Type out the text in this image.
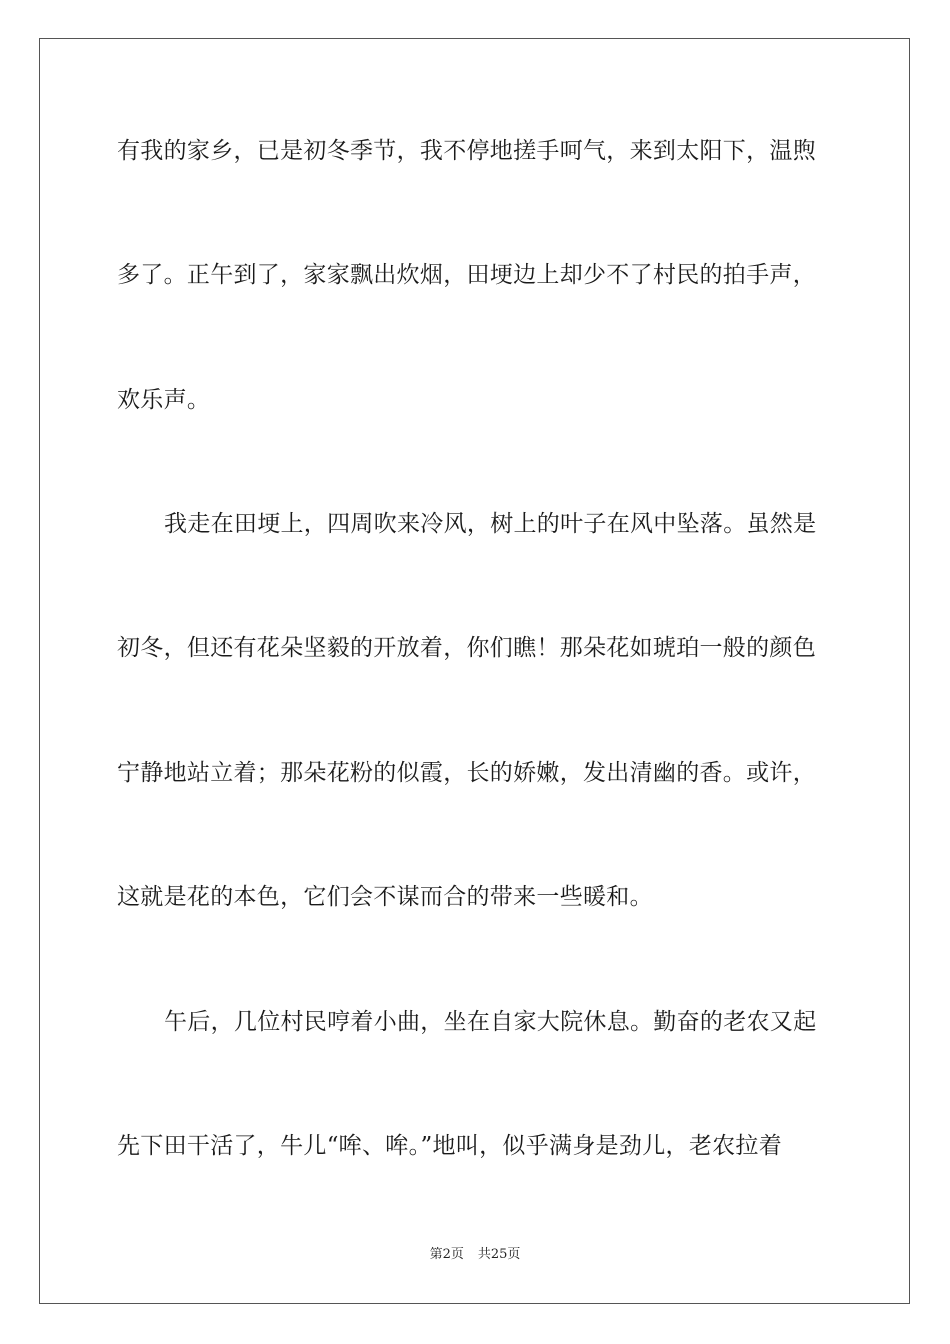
有我的家乡，已是初冬季节，我不停地搓手呵气，来到太阳下，温煦
多了。正午到了，家家飘出炊烟，田埂边上却少不了村民的拍手声，
欢乐声。
我走在田埂上，四周吹来冷风，树上的叶子在风中坠落。虽然是
初冬，但还有花朵坚毅的开放着，你们瞧！那朵花如琥珀一般的颜色
宁静地站立着；那朵花粉的似霞，长的娇嫩，发出清幽的香。或许，
这就是花的本色，它们会不谋而合的带来一些暖和。
午后，几位村民哼着小曲，坐在自家大院休息。勤奋的老农又起
先下田干活了，牛儿“哞、哞。”地叫，似乎满身是劲儿，老农拉着
第2页 共25页
